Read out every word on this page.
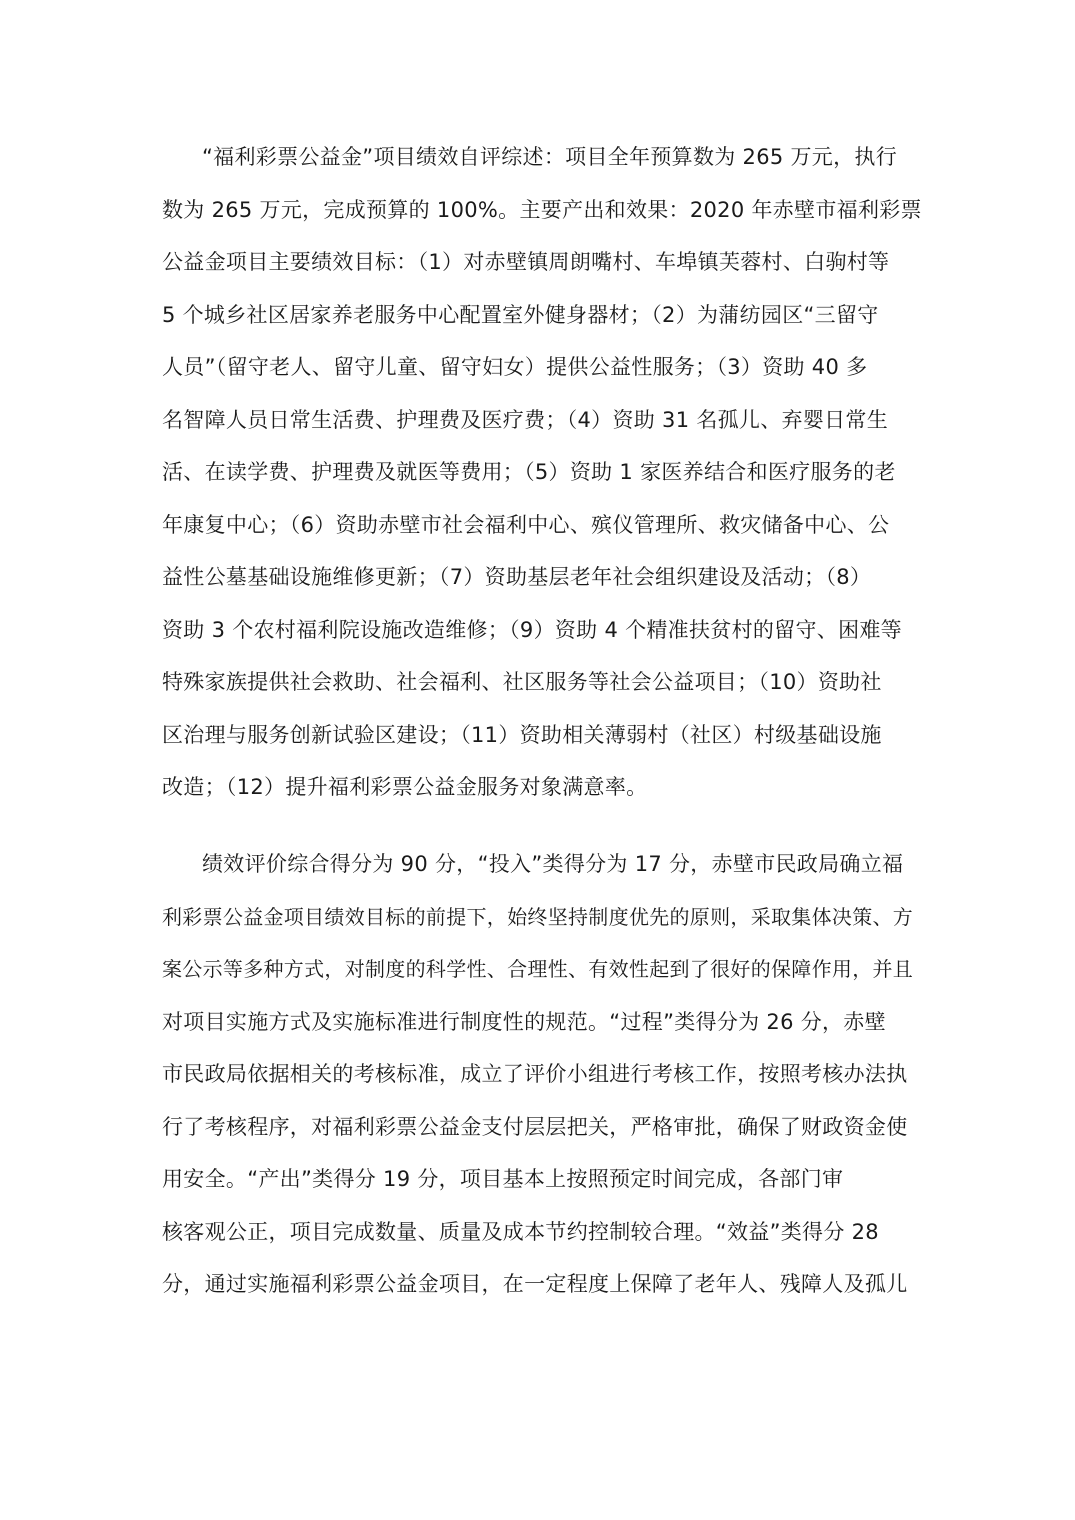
“福利彩票公益金”项目绩效自评综述：项目全年预算数为 265 万元，执行
数为 265 万元，完成预算的 100%。主要产出和效果：2020 年赤壁市福利彩票
公益金项目主要绩效目标：（1）对赤壁镇周朗嘴村、车埠镇芙蓉村、白驹村等
5 个城乡社区居家养老服务中心配置室外健身器材；（2）为蒲纺园区“三留守
人员”（留守老人、留守儿童、留守妇女）提供公益性服务；（3）资助 40 多
名智障人员日常生活费、护理费及医疗费；（4）资助 31 名孤儿、弃婴日常生
活、在读学费、护理费及就医等费用；（5）资助 1 家医养结合和医疗服务的老
年康复中心；（6）资助赤壁市社会福利中心、殡仪管理所、救灾储备中心、公
益性公墓基础设施维修更新；（7）资助基层老年社会组织建设及活动；（8）
资助 3 个农村福利院设施改造维修；（9）资助 4 个精准扶贫村的留守、困难等
特殊家族提供社会救助、社会福利、社区服务等社会公益项目；（10）资助社
区治理与服务创新试验区建设；（11）资助相关薄弱村（社区）村级基础设施
改造；（12）提升福利彩票公益金服务对象满意率。
绩效评价综合得分为 90 分，“投入”类得分为 17 分，赤壁市民政局确立福
利彩票公益金项目绩效目标的前提下，始终坚持制度优先的原则，采取集体决策、方
案公示等多种方式，对制度的科学性、合理性、有效性起到了很好的保障作用，并且
对项目实施方式及实施标准进行制度性的规范。“过程”类得分为 26 分，赤壁
市民政局依据相关的考核标准，成立了评价小组进行考核工作，按照考核办法执
行了考核程序，对福利彩票公益金支付层层把关，严格审批，确保了财政资金使
用安全。“产出”类得分 19 分，项目基本上按照预定时间完成，各部门审
核客观公正，项目完成数量、质量及成本节约控制较合理。“效益”类得分 28
分，通过实施福利彩票公益金项目，在一定程度上保障了老年人、残障人及孤儿
